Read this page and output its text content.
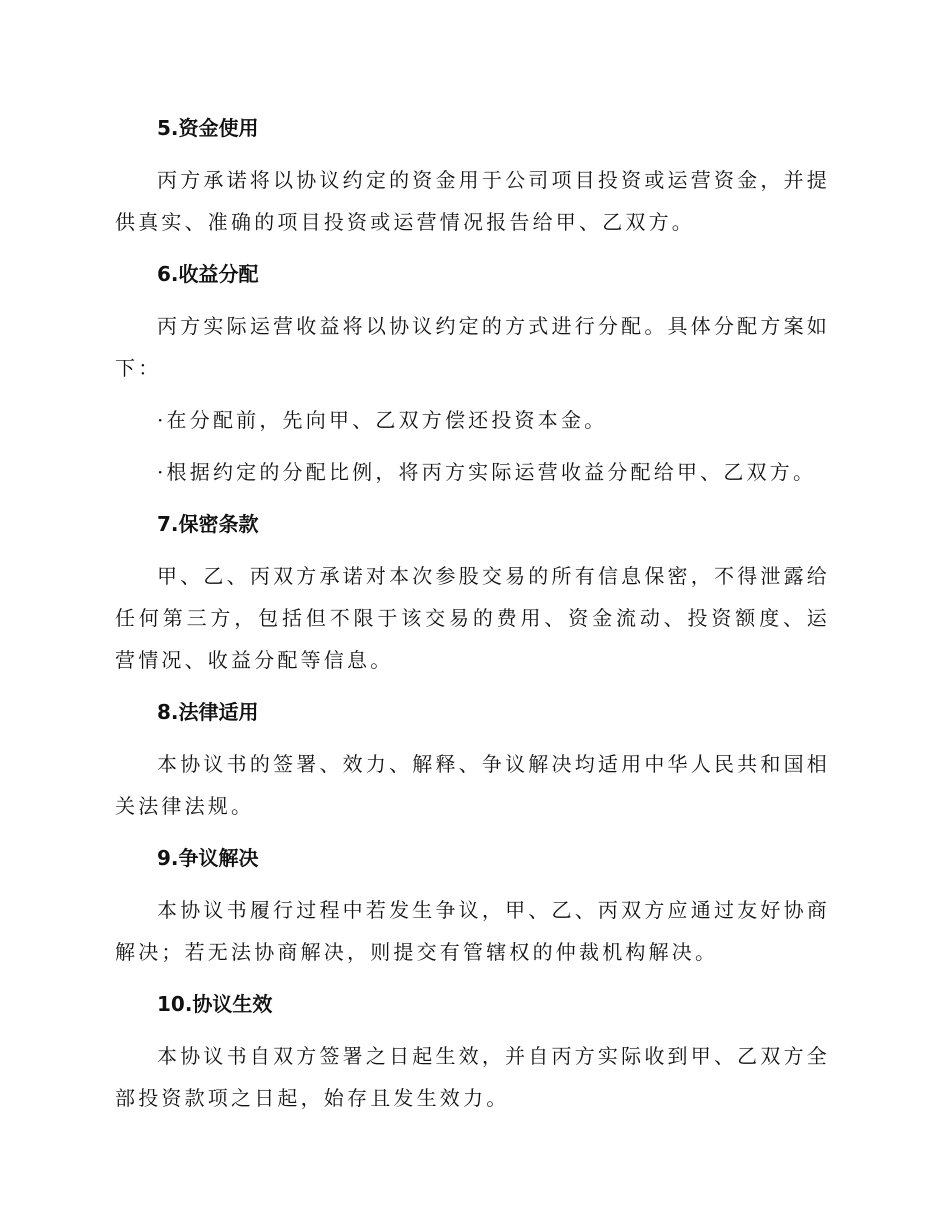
5.资金使用

丙方承诺将以协议约定的资金用于公司项目投资或运营资金，并提供真实、准确的项目投资或运营情况报告给甲、乙双方。

6.收益分配

丙方实际运营收益将以协议约定的方式进行分配。具体分配方案如下：

·在分配前，先向甲、乙双方偿还投资本金。

·根据约定的分配比例，将丙方实际运营收益分配给甲、乙双方。

7.保密条款

甲、乙、丙双方承诺对本次参股交易的所有信息保密，不得泄露给任何第三方，包括但不限于该交易的费用、资金流动、投资额度、运营情况、收益分配等信息。

8.法律适用

本协议书的签署、效力、解释、争议解决均适用中华人民共和国相关法律法规。

9.争议解决

本协议书履行过程中若发生争议，甲、乙、丙双方应通过友好协商解决；若无法协商解决，则提交有管辖权的仲裁机构解决。

10.协议生效

本协议书自双方签署之日起生效，并自丙方实际收到甲、乙双方全部投资款项之日起，始存且发生效力。
